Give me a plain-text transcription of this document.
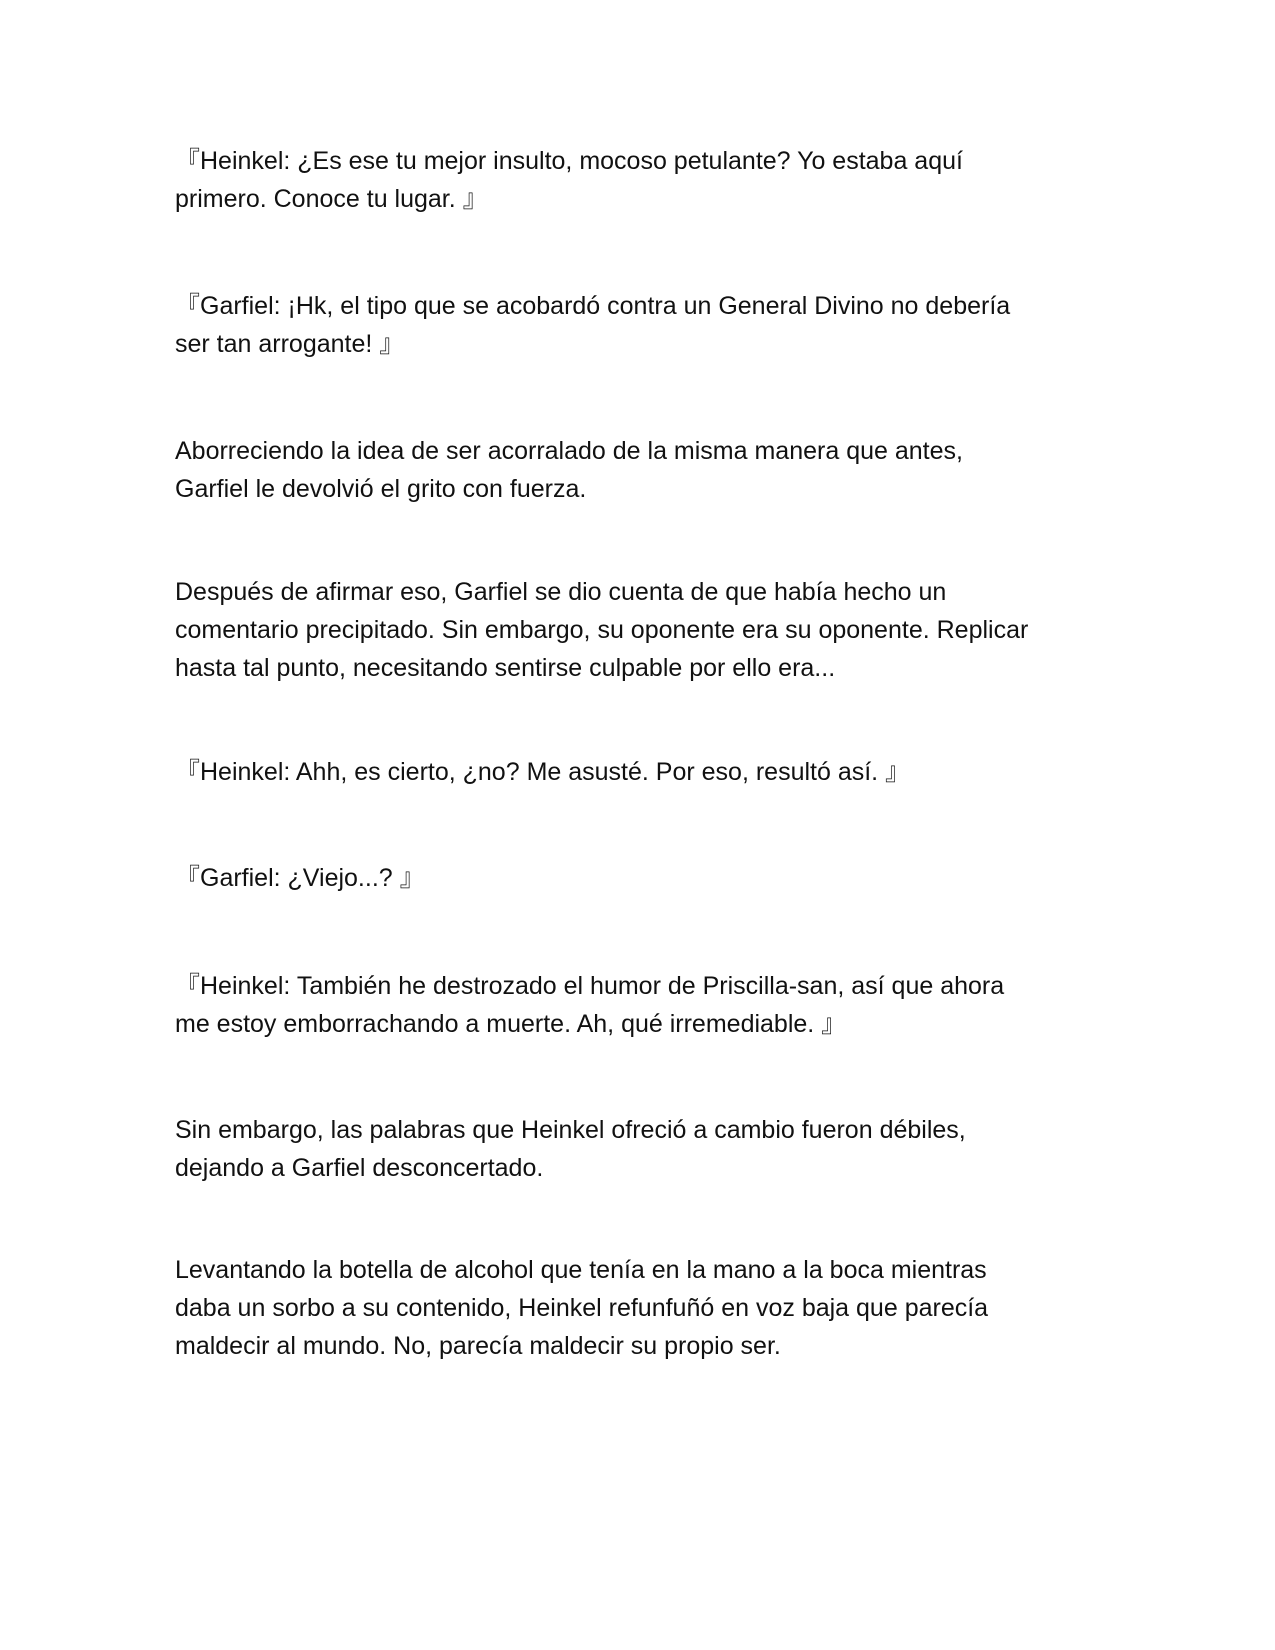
『Heinkel: ¿Es ese tu mejor insulto, mocoso petulante? Yo estaba aquí
primero. Conoce tu lugar. 』

『Garfiel: ¡Hk, el tipo que se acobardó contra un General Divino no debería
ser tan arrogante! 』

Aborreciendo la idea de ser acorralado de la misma manera que antes,
Garfiel le devolvió el grito con fuerza.

Después de afirmar eso, Garfiel se dio cuenta de que había hecho un
comentario precipitado. Sin embargo, su oponente era su oponente. Replicar
hasta tal punto, necesitando sentirse culpable por ello era...

『Heinkel: Ahh, es cierto, ¿no? Me asusté. Por eso, resultó así. 』

『Garfiel: ¿Viejo...? 』

『Heinkel: También he destrozado el humor de Priscilla-san, así que ahora
me estoy emborrachando a muerte. Ah, qué irremediable. 』

Sin embargo, las palabras que Heinkel ofreció a cambio fueron débiles,
dejando a Garfiel desconcertado.

Levantando la botella de alcohol que tenía en la mano a la boca mientras
daba un sorbo a su contenido, Heinkel refunfuñó en voz baja que parecía
maldecir al mundo. No, parecía maldecir su propio ser.
